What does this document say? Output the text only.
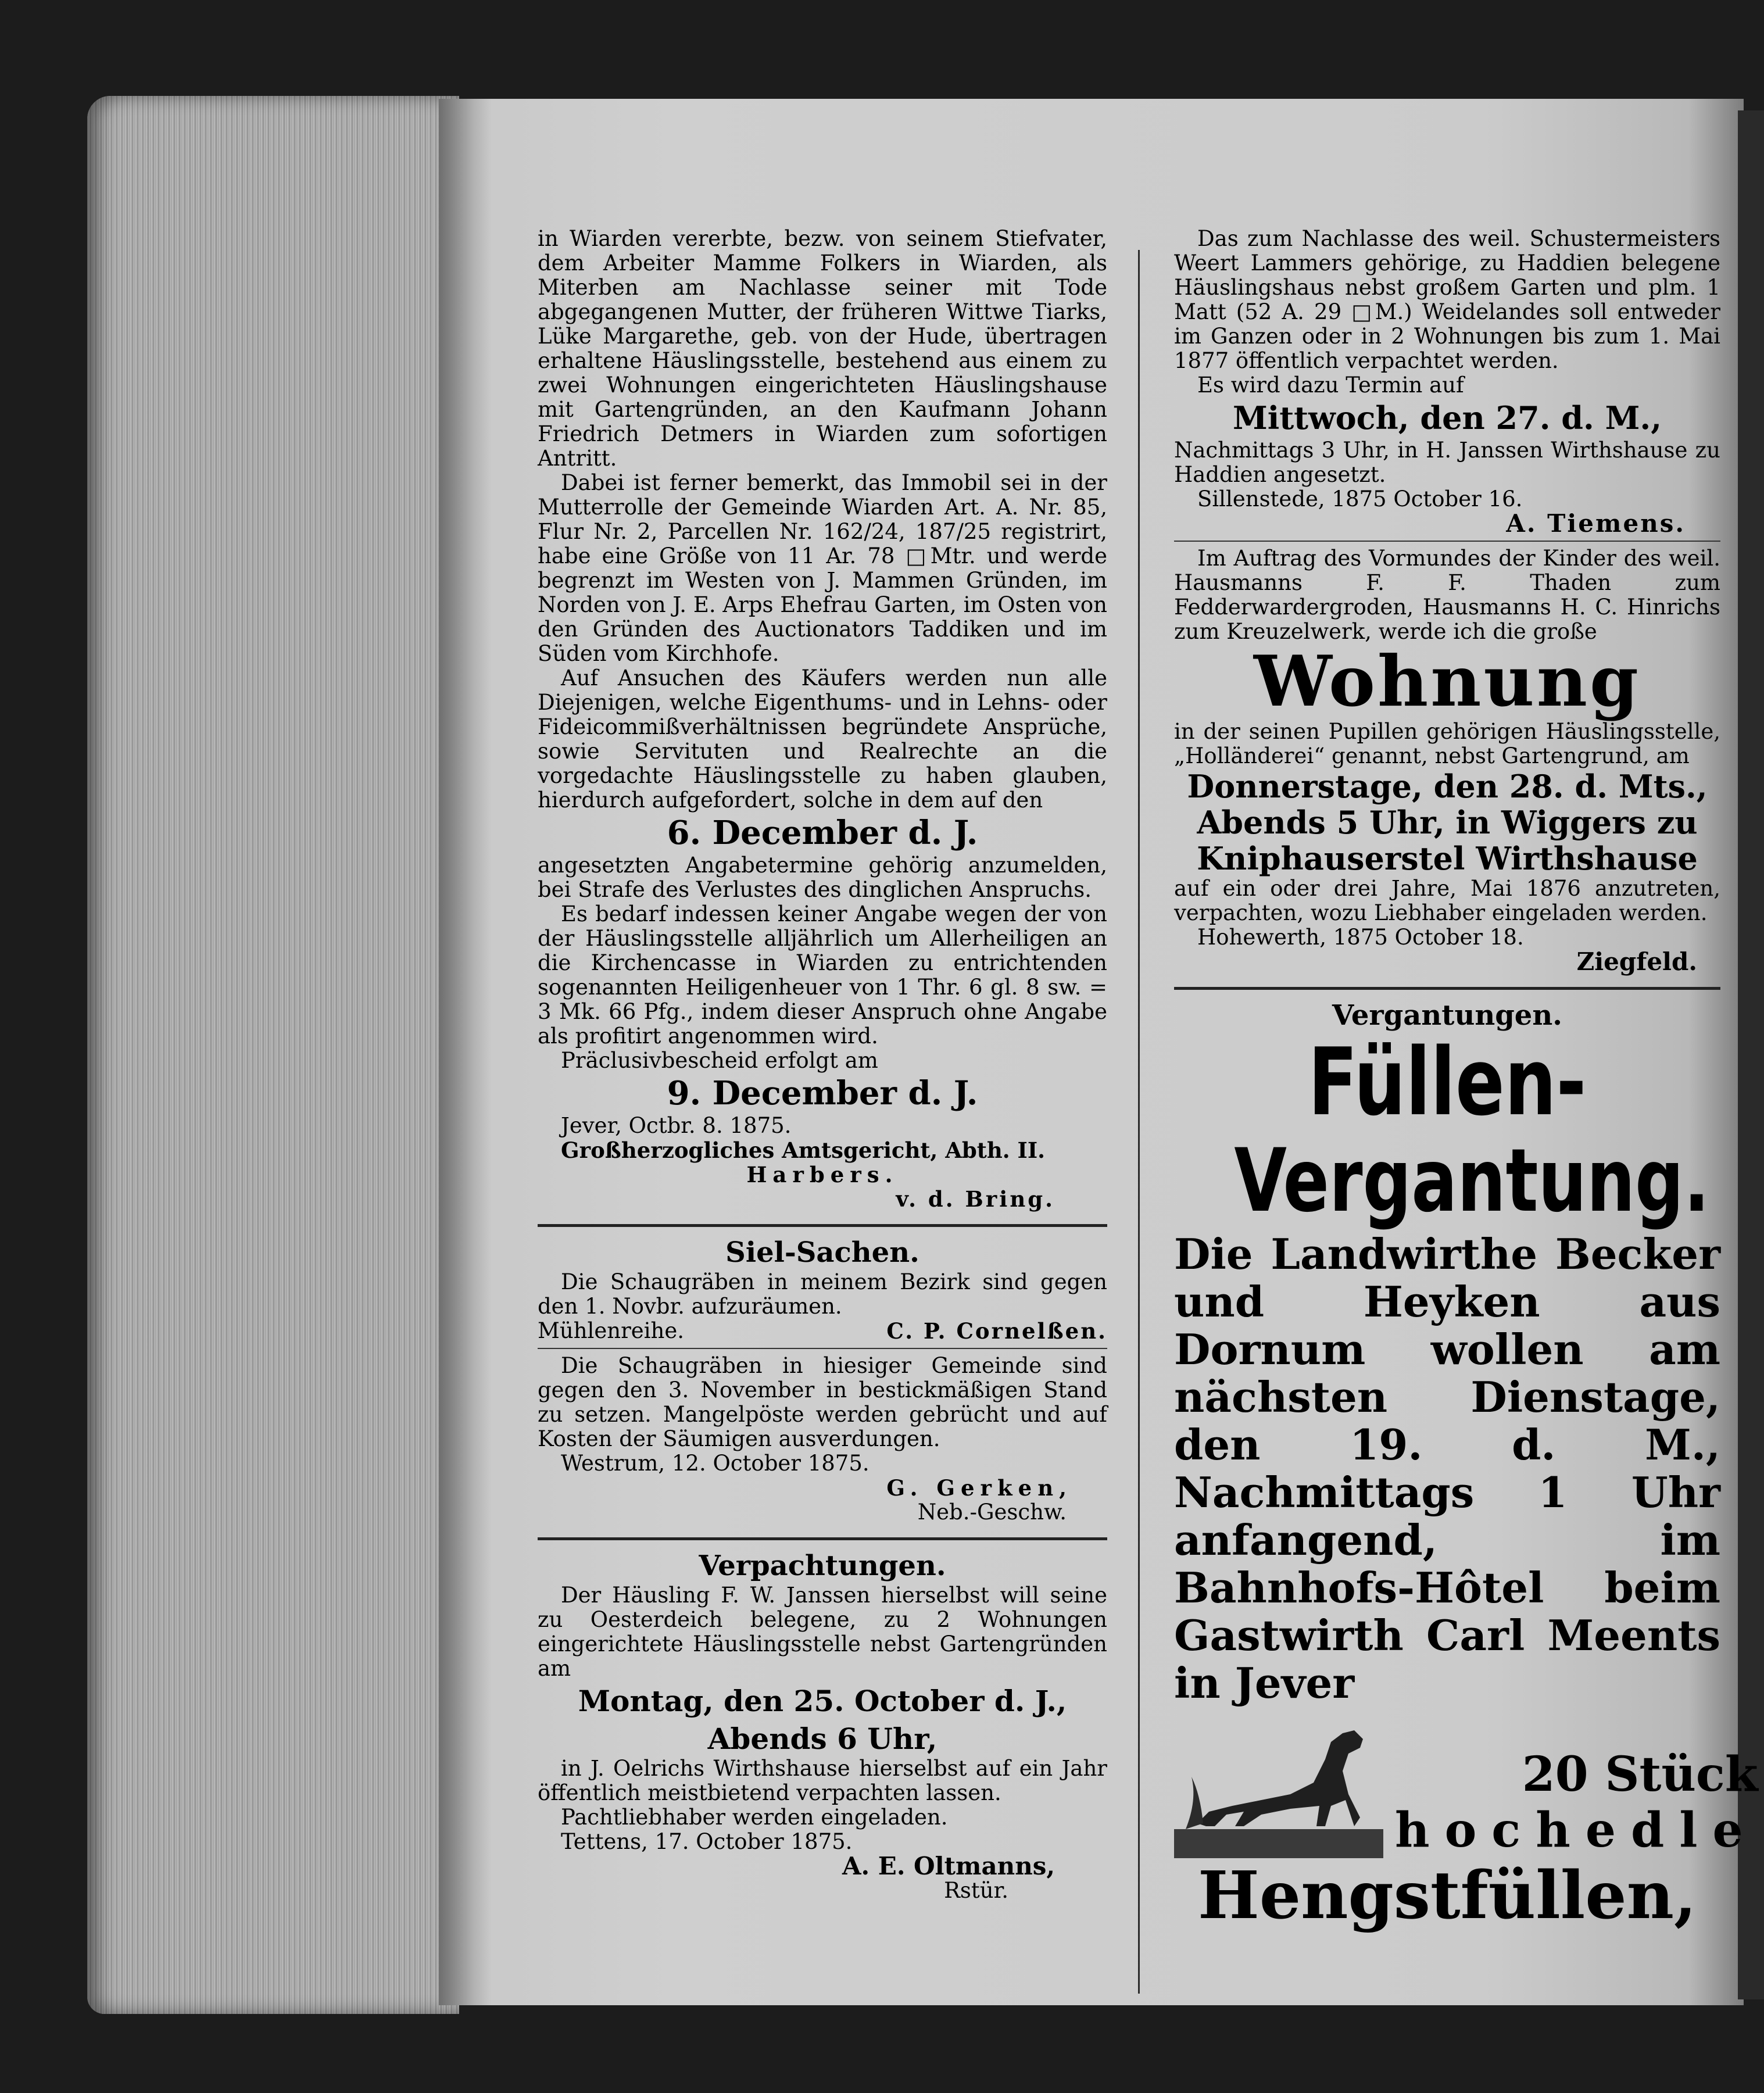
in Wiarden vererbte, bezw. von seinem Stiefvater, dem Arbeiter Mamme Folkers in Wiarden, als Miterben am Nachlasse seiner mit Tode abgegangenen Mutter, der früheren Wittwe Tiarks, Lüke Margarethe, geb. von der Hude, übertragen erhaltene Häuslingsstelle, bestehend aus einem zu zwei Wohnungen eingerichteten Häuslingshause mit Gartengründen, an den Kaufmann Johann Friedrich Detmers in Wiarden zum sofortigen Antritt.

Dabei ist ferner bemerkt, das Immobil sei in der Mutterrolle der Gemeinde Wiarden Art. A. Nr. 85, Flur Nr. 2, Parcellen Nr. 162/24, 187/25 registrirt, habe eine Größe von 11 Ar. 78 □Mtr. und werde begrenzt im Westen von J. Mammen Gründen, im Norden von J. E. Arps Ehefrau Garten, im Osten von den Gründen des Auctionators Taddiken und im Süden vom Kirchhofe.

Auf Ansuchen des Käufers werden nun alle Diejenigen, welche Eigenthums- und in Lehns- oder Fideicommißverhältnissen begründete Ansprüche, sowie Servituten und Realrechte an die vorgedachte Häuslingsstelle zu haben glauben, hierdurch aufgefordert, solche in dem auf den

6. December d. J.

angesetzten Angabetermine gehörig anzumelden, bei Strafe des Verlustes des dinglichen Anspruchs.

Es bedarf indessen keiner Angabe wegen der von der Häuslingsstelle alljährlich um Allerheiligen an die Kirchencasse in Wiarden zu entrichtenden sogenannten Heiligenheuer von 1 Thr. 6 gl. 8 sw. = 3 Mk. 66 Pfg., indem dieser Anspruch ohne Angabe als profitirt angenommen wird.

Präclusivbescheid erfolgt am

9. December d. J.

Jever, Octbr. 8. 1875.

Großherzogliches Amtsgericht, Abth. II.

Harbers.

v. d. Bring.

Siel-Sachen.

Die Schaugräben in meinem Bezirk sind gegen den 1. Novbr. aufzuräumen.

Mühlenreihe.	C. P. Cornelßen.

Die Schaugräben in hiesiger Gemeinde sind gegen den 3. November in bestickmäßigen Stand zu setzen. Mangelpöste werden gebrücht und auf Kosten der Säumigen ausverdungen.

Westrum, 12. October 1875.

G. Gerken,

Neb.-Geschw.

Verpachtungen.

Der Häusling F. W. Janssen hierselbst will seine zu Oesterdeich belegene, zu 2 Wohnungen eingerichtete Häuslingsstelle nebst Gartengründen am

Montag, den 25. October d. J.,

Abends 6 Uhr,

in J. Oelrichs Wirthshause hierselbst auf ein Jahr öffentlich meistbietend verpachten lassen.

Pachtliebhaber werden eingeladen.

Tettens, 17. October 1875.

A. E. Oltmanns,

Rstür.

Das zum Nachlasse des weil. Schustermeisters Weert Lammers gehörige, zu Haddien belegene Häuslingshaus nebst großem Garten und plm. 1 Matt (52 A. 29 □M.) Weidelandes soll entweder im Ganzen oder in 2 Wohnungen bis zum 1. Mai 1877 öffentlich verpachtet werden.

Es wird dazu Termin auf

Mittwoch, den 27. d. M.,

Nachmittags 3 Uhr, in H. Janssen Wirthshause zu Haddien angesetzt.

Sillenstede, 1875 October 16.

A. Tiemens.

Im Auftrag des Vormundes der Kinder des weil. Hausmanns F. F. Thaden zum Fedderwardergroden, Hausmanns H. C. Hinrichs zum Kreuzelwerk, werde ich die große

Wohnung

in der seinen Pupillen gehörigen Häuslingsstelle, „Holländerei“ genannt, nebst Gartengrund, am

Donnerstage, den 28. d. Mts.,

Abends 5 Uhr, in Wiggers zu

Kniphauserstel Wirthshause

auf ein oder drei Jahre, Mai 1876 anzutreten, verpachten, wozu Liebhaber eingeladen werden.

Hohewerth, 1875 October 18.

Ziegfeld.

Vergantungen.

Füllen-

Vergantung.

Die Landwirthe Becker und Heyken aus Dornum wollen am nächsten Dienstage, den 19. d. M., Nachmittags 1 Uhr anfangend, im Bahnhofs-Hôtel beim Gastwirth Carl Meents in Jever

20 Stück

hochedle

Hengstfüllen,
